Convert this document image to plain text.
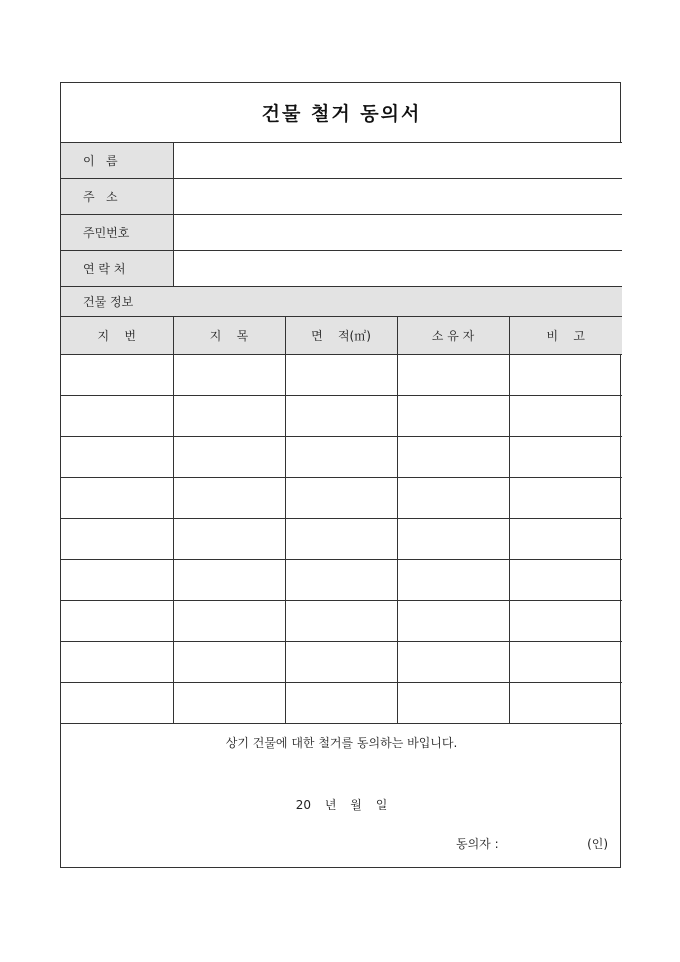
건물 철거 동의서				
이   름				
주   소				
주민번호				
연 락 처				
건물 정보				
지    번	지    목	면    적(㎡)	소 유 자	비    고

상기 건물에 대한 철거를 동의하는 바입니다.
20 년 월 일
동의자 : (인)				
